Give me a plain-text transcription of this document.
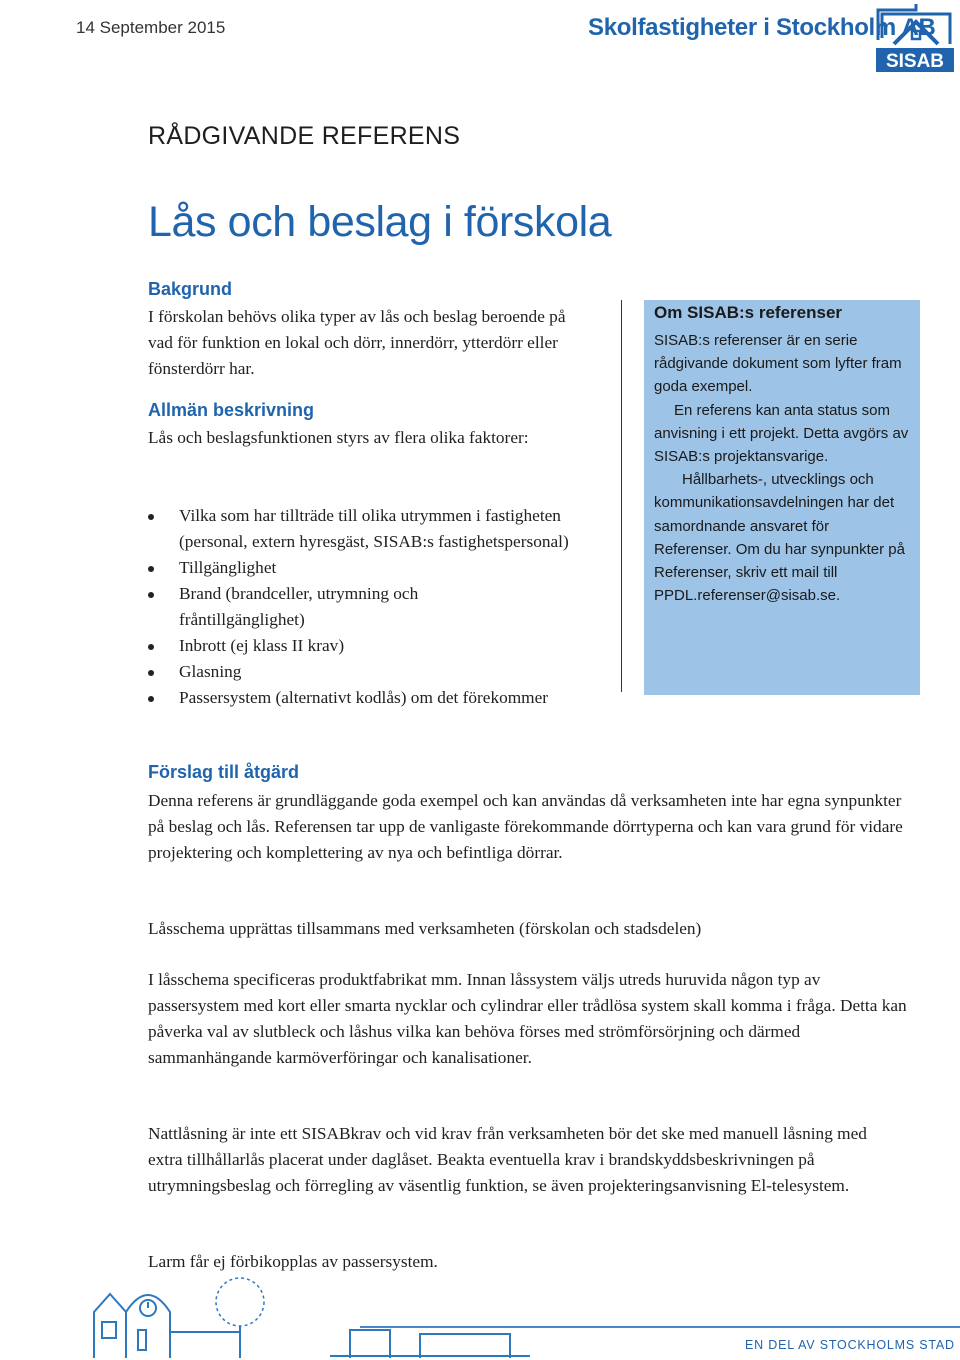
14 September 2015	Skolfastigheter i Stockholm AB
SISAB
RÅDGIVANDE REFERENS
Lås och beslag i förskola
Bakgrund

I förskolan behövs olika typer av lås och beslag beroende på vad för funktion en lokal och dörr, innerdörr, ytterdörr eller fönsterdörr har.

Allmän beskrivning

Lås och beslagsfunktionen styrs av flera olika faktorer:

Vilka som har tillträde till olika utrymmen i fastigheten (personal, extern hyresgäst, SISAB:s fastighetspersonal)
Tillgänglighet
Brand (brandceller, utrymning och fråntillgänglighet)
Inbrott (ej klass II krav)
Glasning
Passersystem (alternativt kodlås) om det förekommer
Om SISAB:s referenser

SISAB:s referenser är en serie rådgivande dokument som lyfter fram goda exempel.

En referens kan anta status som anvisning i ett projekt. Detta avgörs av SISAB:s projektansvarige.

Hållbarhets-, utvecklings och kommunikationsavdelningen har det samordnande ansvaret för Referenser. Om du har synpunkter på Referenser, skriv ett mail till PPDL.referenser@sisab.se.

Förslag till åtgärd

Denna referens är grundläggande goda exempel och kan användas då verksamheten inte har egna synpunkter på beslag och lås. Referensen tar upp de vanligaste förekommande dörrtyperna och kan vara grund för vidare projektering och komplettering av nya och befintliga dörrar.

Låsschema upprättas tillsammans med verksamheten (förskolan och stadsdelen)

I låsschema specificeras produktfabrikat mm. Innan låssystem väljs utreds huruvida någon typ av passersystem med kort eller smarta nycklar och cylindrar eller trådlösa system skall komma i fråga. Detta kan påverka val av slutbleck och låshus vilka kan behöva förses med strömförsörjning och därmed sammanhängande karmöverföringar och kanalisationer.

Nattlåsning är inte ett SISABkrav och vid krav från verksamheten bör det ske med manuell låsning med extra tillhållarlås placerat under daglåset. Beakta eventuella krav i brandskyddsbeskrivningen på utrymningsbeslag och förregling av väsentlig funktion, se även projekteringsanvisning El-telesystem.

Larm får ej förbikopplas av passersystem.

EN DEL AV STOCKHOLMS STAD
